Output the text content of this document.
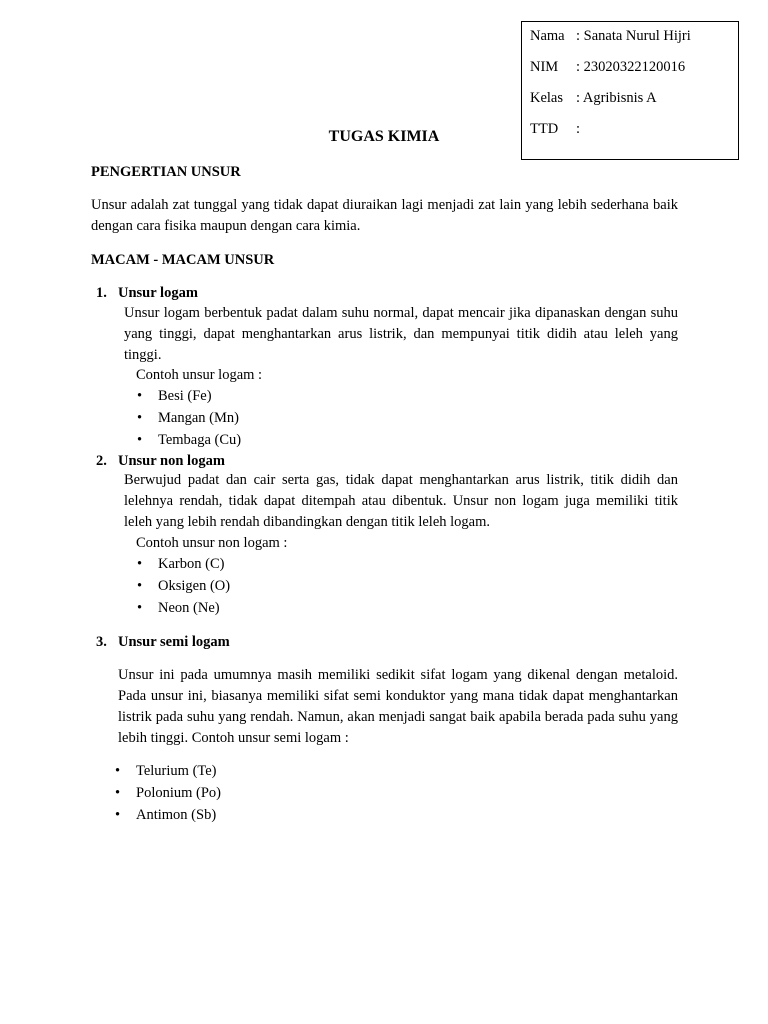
Nama : Sanata Nurul Hijri
NIM : 23020322120016
Kelas : Agribisnis A
TTD :
TUGAS KIMIA
PENGERTIAN UNSUR
Unsur adalah zat tunggal yang tidak dapat diuraikan lagi menjadi zat lain yang lebih sederhana baik dengan cara fisika maupun dengan cara kimia.
MACAM - MACAM UNSUR
1. Unsur logam
Unsur logam berbentuk padat dalam suhu normal, dapat mencair jika dipanaskan dengan suhu yang tinggi, dapat menghantarkan arus listrik, dan mempunyai titik didih atau leleh yang tinggi.
Contoh unsur logam :
• Besi (Fe)
• Mangan (Mn)
• Tembaga (Cu)
2. Unsur non logam
Berwujud padat dan cair serta gas, tidak dapat menghantarkan arus listrik, titik didih dan lelehnya rendah, tidak dapat ditempah atau dibentuk. Unsur non logam juga memiliki titik leleh yang lebih rendah dibandingkan dengan titik leleh logam.
Contoh unsur non logam :
• Karbon (C)
• Oksigen (O)
• Neon (Ne)
3. Unsur semi logam
Unsur ini pada umumnya masih memiliki sedikit sifat logam yang dikenal dengan metaloid. Pada unsur ini, biasanya memiliki sifat semi konduktor yang mana tidak dapat menghantarkan listrik pada suhu yang rendah. Namun, akan menjadi sangat baik apabila berada pada suhu yang lebih tinggi. Contoh unsur semi logam :
• Telurium (Te)
• Polonium (Po)
• Antimon (Sb)
